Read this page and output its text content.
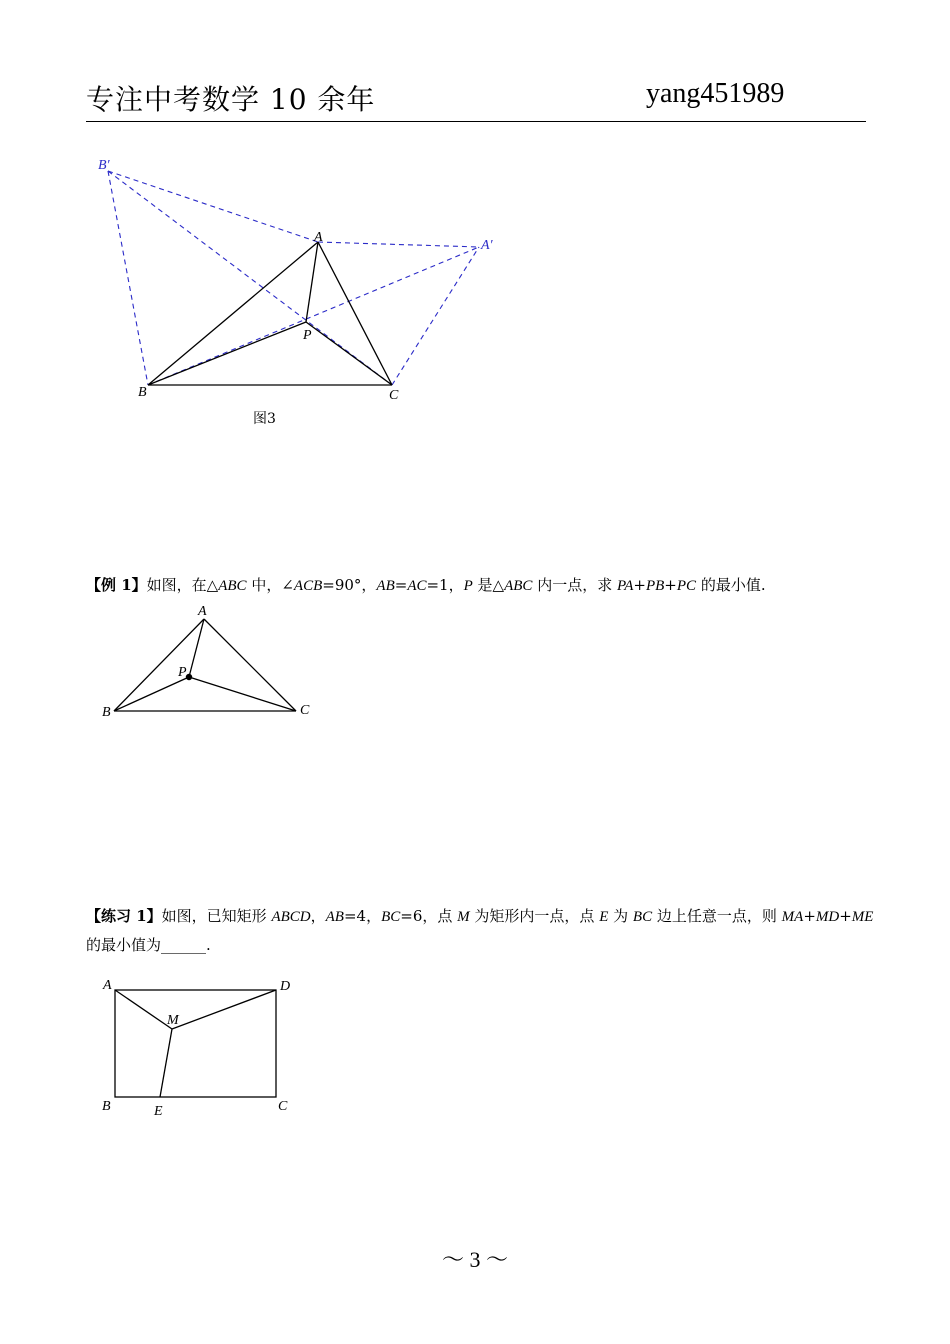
专注中考数学 10 余年	yang451989
B′
A′
A
P
B	C
图3
【例 1】如图，在△ABC 中，∠ACB=90°，AB=AC=1，P 是△ABC 内一点，求 PA+PB+PC 的最小值.
A
P
B	C
【练习 1】如图，已知矩形 ABCD，AB=4，BC=6，点 M 为矩形内一点，点 E 为 BC 边上任意一点，则 MA+MD+ME
的最小值为______.
A	D
M
B	E	C
～ 3 ～
